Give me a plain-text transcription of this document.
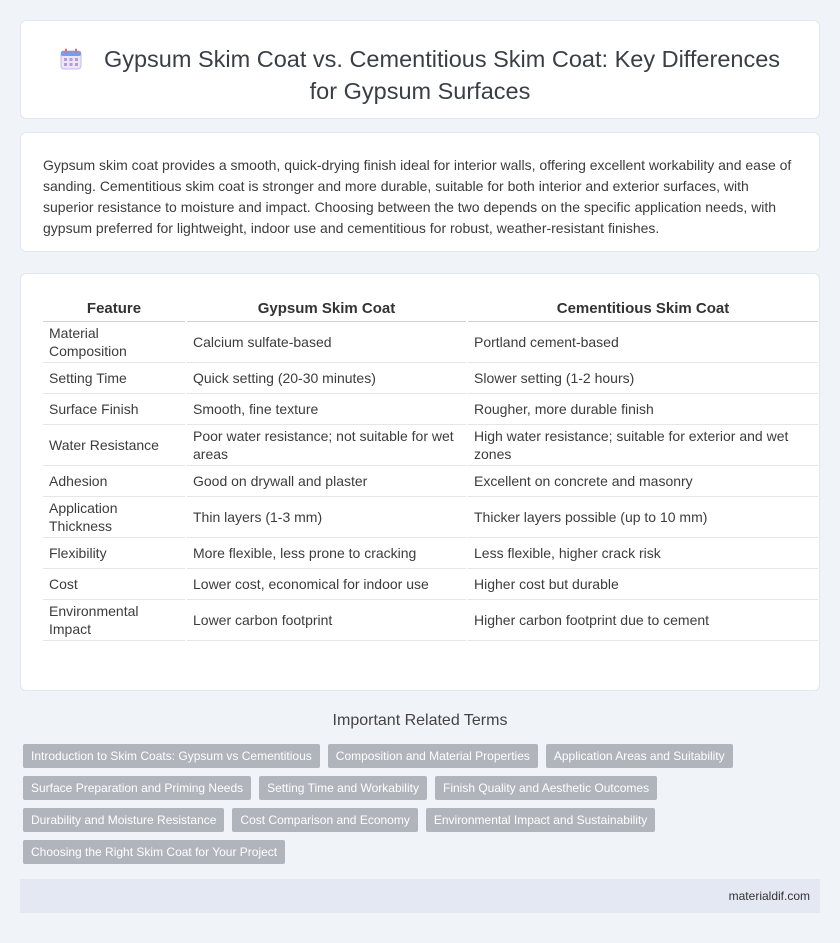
Gypsum Skim Coat vs. Cementitious Skim Coat: Key Differences for Gypsum Surfaces
Gypsum skim coat provides a smooth, quick-drying finish ideal for interior walls, offering excellent workability and ease of sanding. Cementitious skim coat is stronger and more durable, suitable for both interior and exterior surfaces, with superior resistance to moisture and impact. Choosing between the two depends on the specific application needs, with gypsum preferred for lightweight, indoor use and cementitious for robust, weather-resistant finishes.
Feature	Gypsum Skim Coat	Cementitious Skim Coat
Material Composition	Calcium sulfate-based	Portland cement-based
Setting Time	Quick setting (20-30 minutes)	Slower setting (1-2 hours)
Surface Finish	Smooth, fine texture	Rougher, more durable finish
Water Resistance	Poor water resistance; not suitable for wet areas	High water resistance; suitable for exterior and wet zones
Adhesion	Good on drywall and plaster	Excellent on concrete and masonry
Application Thickness	Thin layers (1-3 mm)	Thicker layers possible (up to 10 mm)
Flexibility	More flexible, less prone to cracking	Less flexible, higher crack risk
Cost	Lower cost, economical for indoor use	Higher cost but durable
Environmental Impact	Lower carbon footprint	Higher carbon footprint due to cement
Important Related Terms
Introduction to Skim Coats: Gypsum vs Cementitious	Composition and Material Properties	Application Areas and Suitability
Surface Preparation and Priming Needs	Setting Time and Workability	Finish Quality and Aesthetic Outcomes
Durability and Moisture Resistance	Cost Comparison and Economy	Environmental Impact and Sustainability
Choosing the Right Skim Coat for Your Project
materialdif.com
